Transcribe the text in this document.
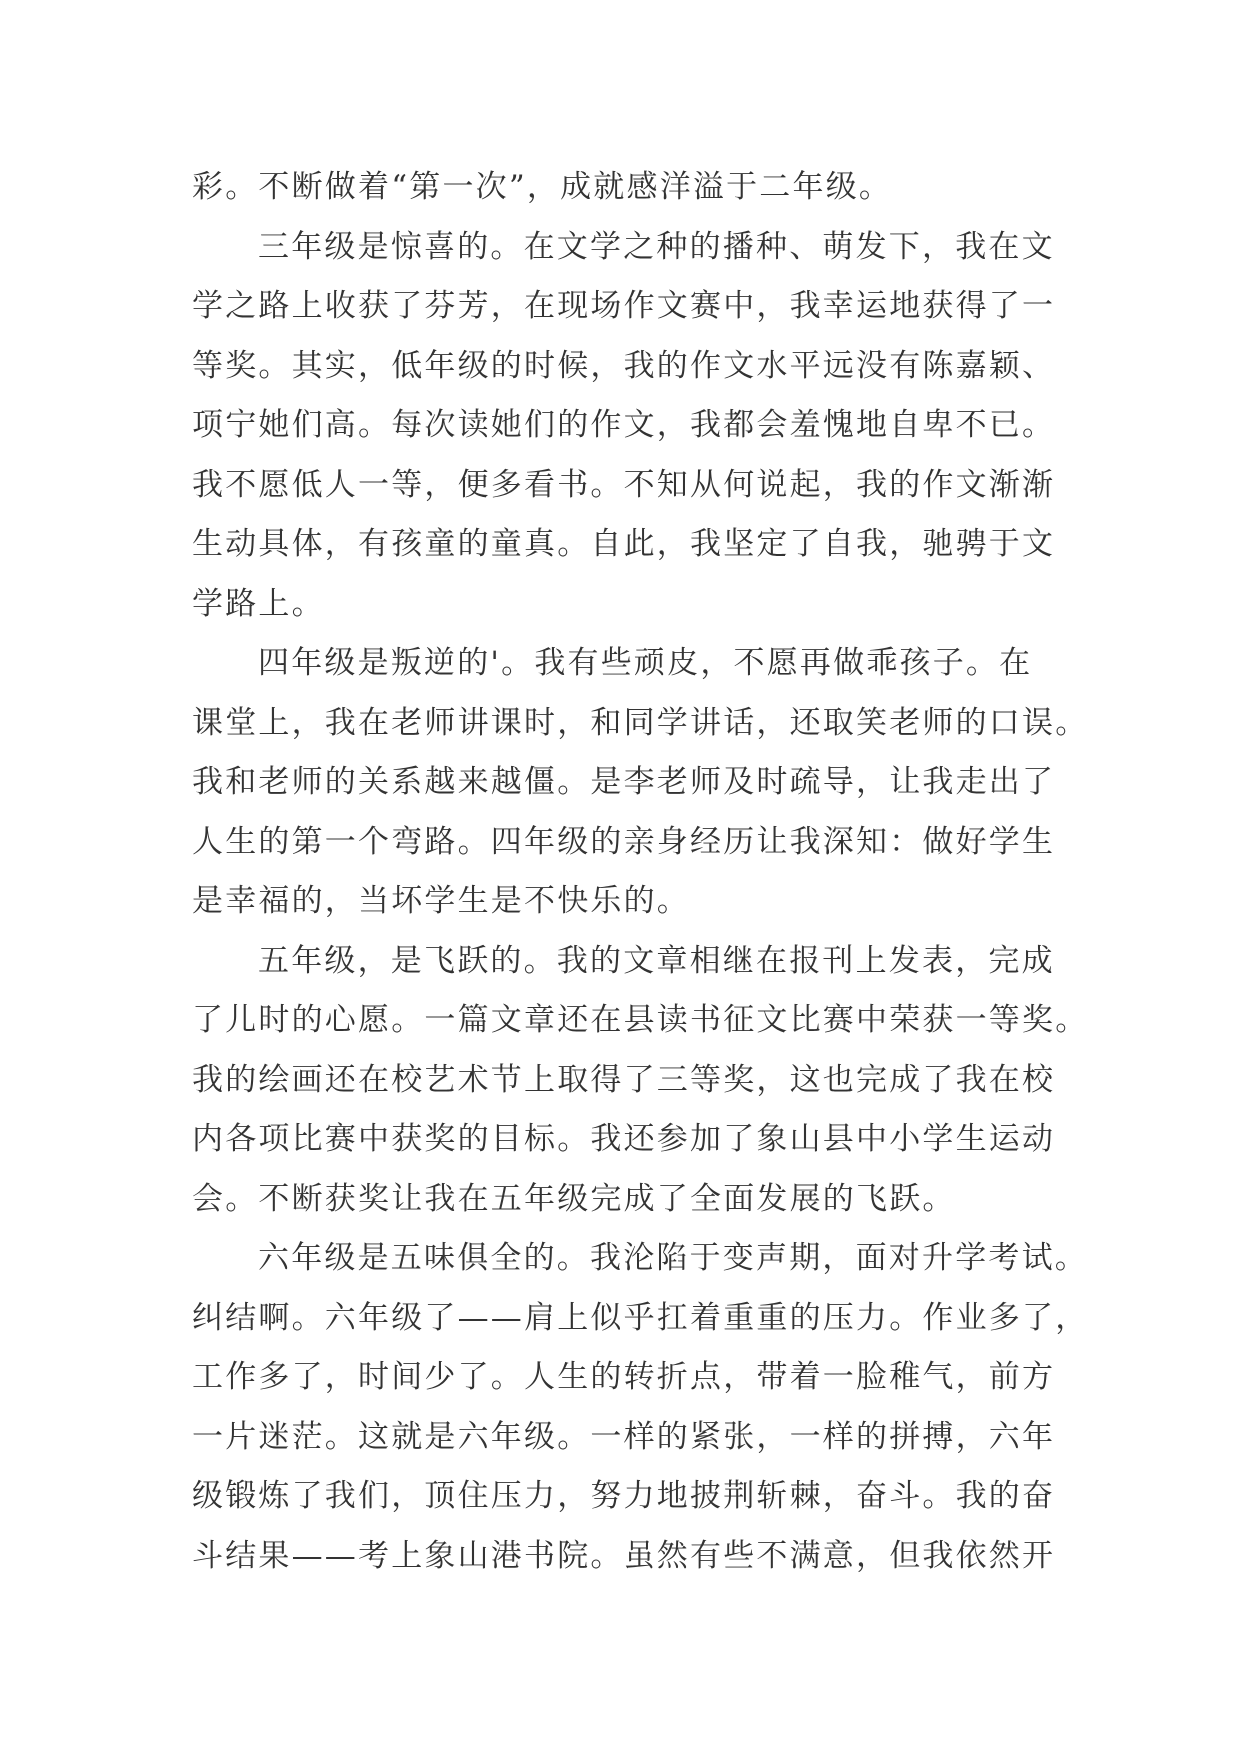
彩。不断做着“第一次”，成就感洋溢于二年级。
三年级是惊喜的。在文学之种的播种、萌发下，我在文
学之路上收获了芬芳，在现场作文赛中，我幸运地获得了一
等奖。其实，低年级的时候，我的作文水平远没有陈嘉颖、
项宁她们高。每次读她们的作文，我都会羞愧地自卑不已。
我不愿低人一等，便多看书。不知从何说起，我的作文渐渐
生动具体，有孩童的童真。自此，我坚定了自我，驰骋于文
学路上。
四年级是叛逆的'。我有些顽皮，不愿再做乖孩子。在
课堂上，我在老师讲课时，和同学讲话，还取笑老师的口误。
我和老师的关系越来越僵。是李老师及时疏导，让我走出了
人生的第一个弯路。四年级的亲身经历让我深知：做好学生
是幸福的，当坏学生是不快乐的。
五年级，是飞跃的。我的文章相继在报刊上发表，完成
了儿时的心愿。一篇文章还在县读书征文比赛中荣获一等奖。
我的绘画还在校艺术节上取得了三等奖，这也完成了我在校
内各项比赛中获奖的目标。我还参加了象山县中小学生运动
会。不断获奖让我在五年级完成了全面发展的飞跃。
六年级是五味俱全的。我沦陷于变声期，面对升学考试。
纠结啊。六年级了——肩上似乎扛着重重的压力。作业多了，
工作多了，时间少了。人生的转折点，带着一脸稚气，前方
一片迷茫。这就是六年级。一样的紧张，一样的拼搏，六年
级锻炼了我们，顶住压力，努力地披荆斩棘，奋斗。我的奋
斗结果——考上象山港书院。虽然有些不满意，但我依然开
